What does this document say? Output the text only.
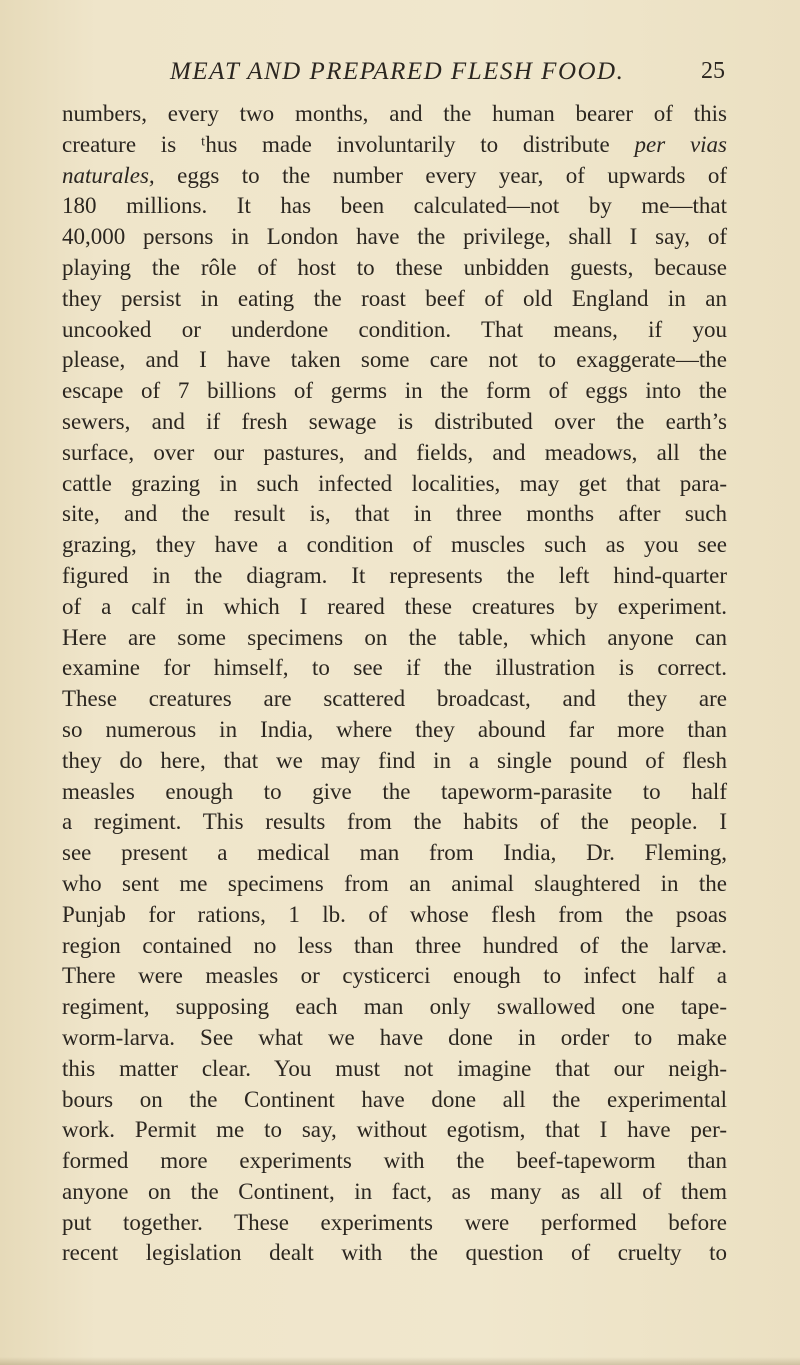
MEAT AND PREPARED FLESH FOOD.	25
numbers, every two months, and the human bearer of this
creature is ᵗhus made involuntarily to distribute per vias
naturales, eggs to the number every year, of upwards of
180 millions. It has been calculated—not by me—that
40,000 persons in London have the privilege, shall I say, of
playing the rôle of host to these unbidden guests, because
they persist in eating the roast beef of old England in an
uncooked or underdone condition. That means, if you
please, and I have taken some care not to exaggerate—the
escape of 7 billions of germs in the form of eggs into the
sewers, and if fresh sewage is distributed over the earth’s
surface, over our pastures, and fields, and meadows, all the
cattle grazing in such infected localities, may get that para-
site, and the result is, that in three months after such
grazing, they have a condition of muscles such as you see
figured in the diagram. It represents the left hind-quarter
of a calf in which I reared these creatures by experiment.
Here are some specimens on the table, which anyone can
examine for himself, to see if the illustration is correct.
These creatures are scattered broadcast, and they are
so numerous in India, where they abound far more than
they do here, that we may find in a single pound of flesh
measles enough to give the tapeworm-parasite to half
a regiment. This results from the habits of the people. I
see present a medical man from India, Dr. Fleming,
who sent me specimens from an animal slaughtered in the
Punjab for rations, 1 lb. of whose flesh from the psoas
region contained no less than three hundred of the larvæ.
There were measles or cysticerci enough to infect half a
regiment, supposing each man only swallowed one tape-
worm-larva. See what we have done in order to make
this matter clear. You must not imagine that our neigh-
bours on the Continent have done all the experimental
work. Permit me to say, without egotism, that I have per-
formed more experiments with the beef-tapeworm than
anyone on the Continent, in fact, as many as all of them
put together. These experiments were performed before
recent legislation dealt with the question of cruelty to
